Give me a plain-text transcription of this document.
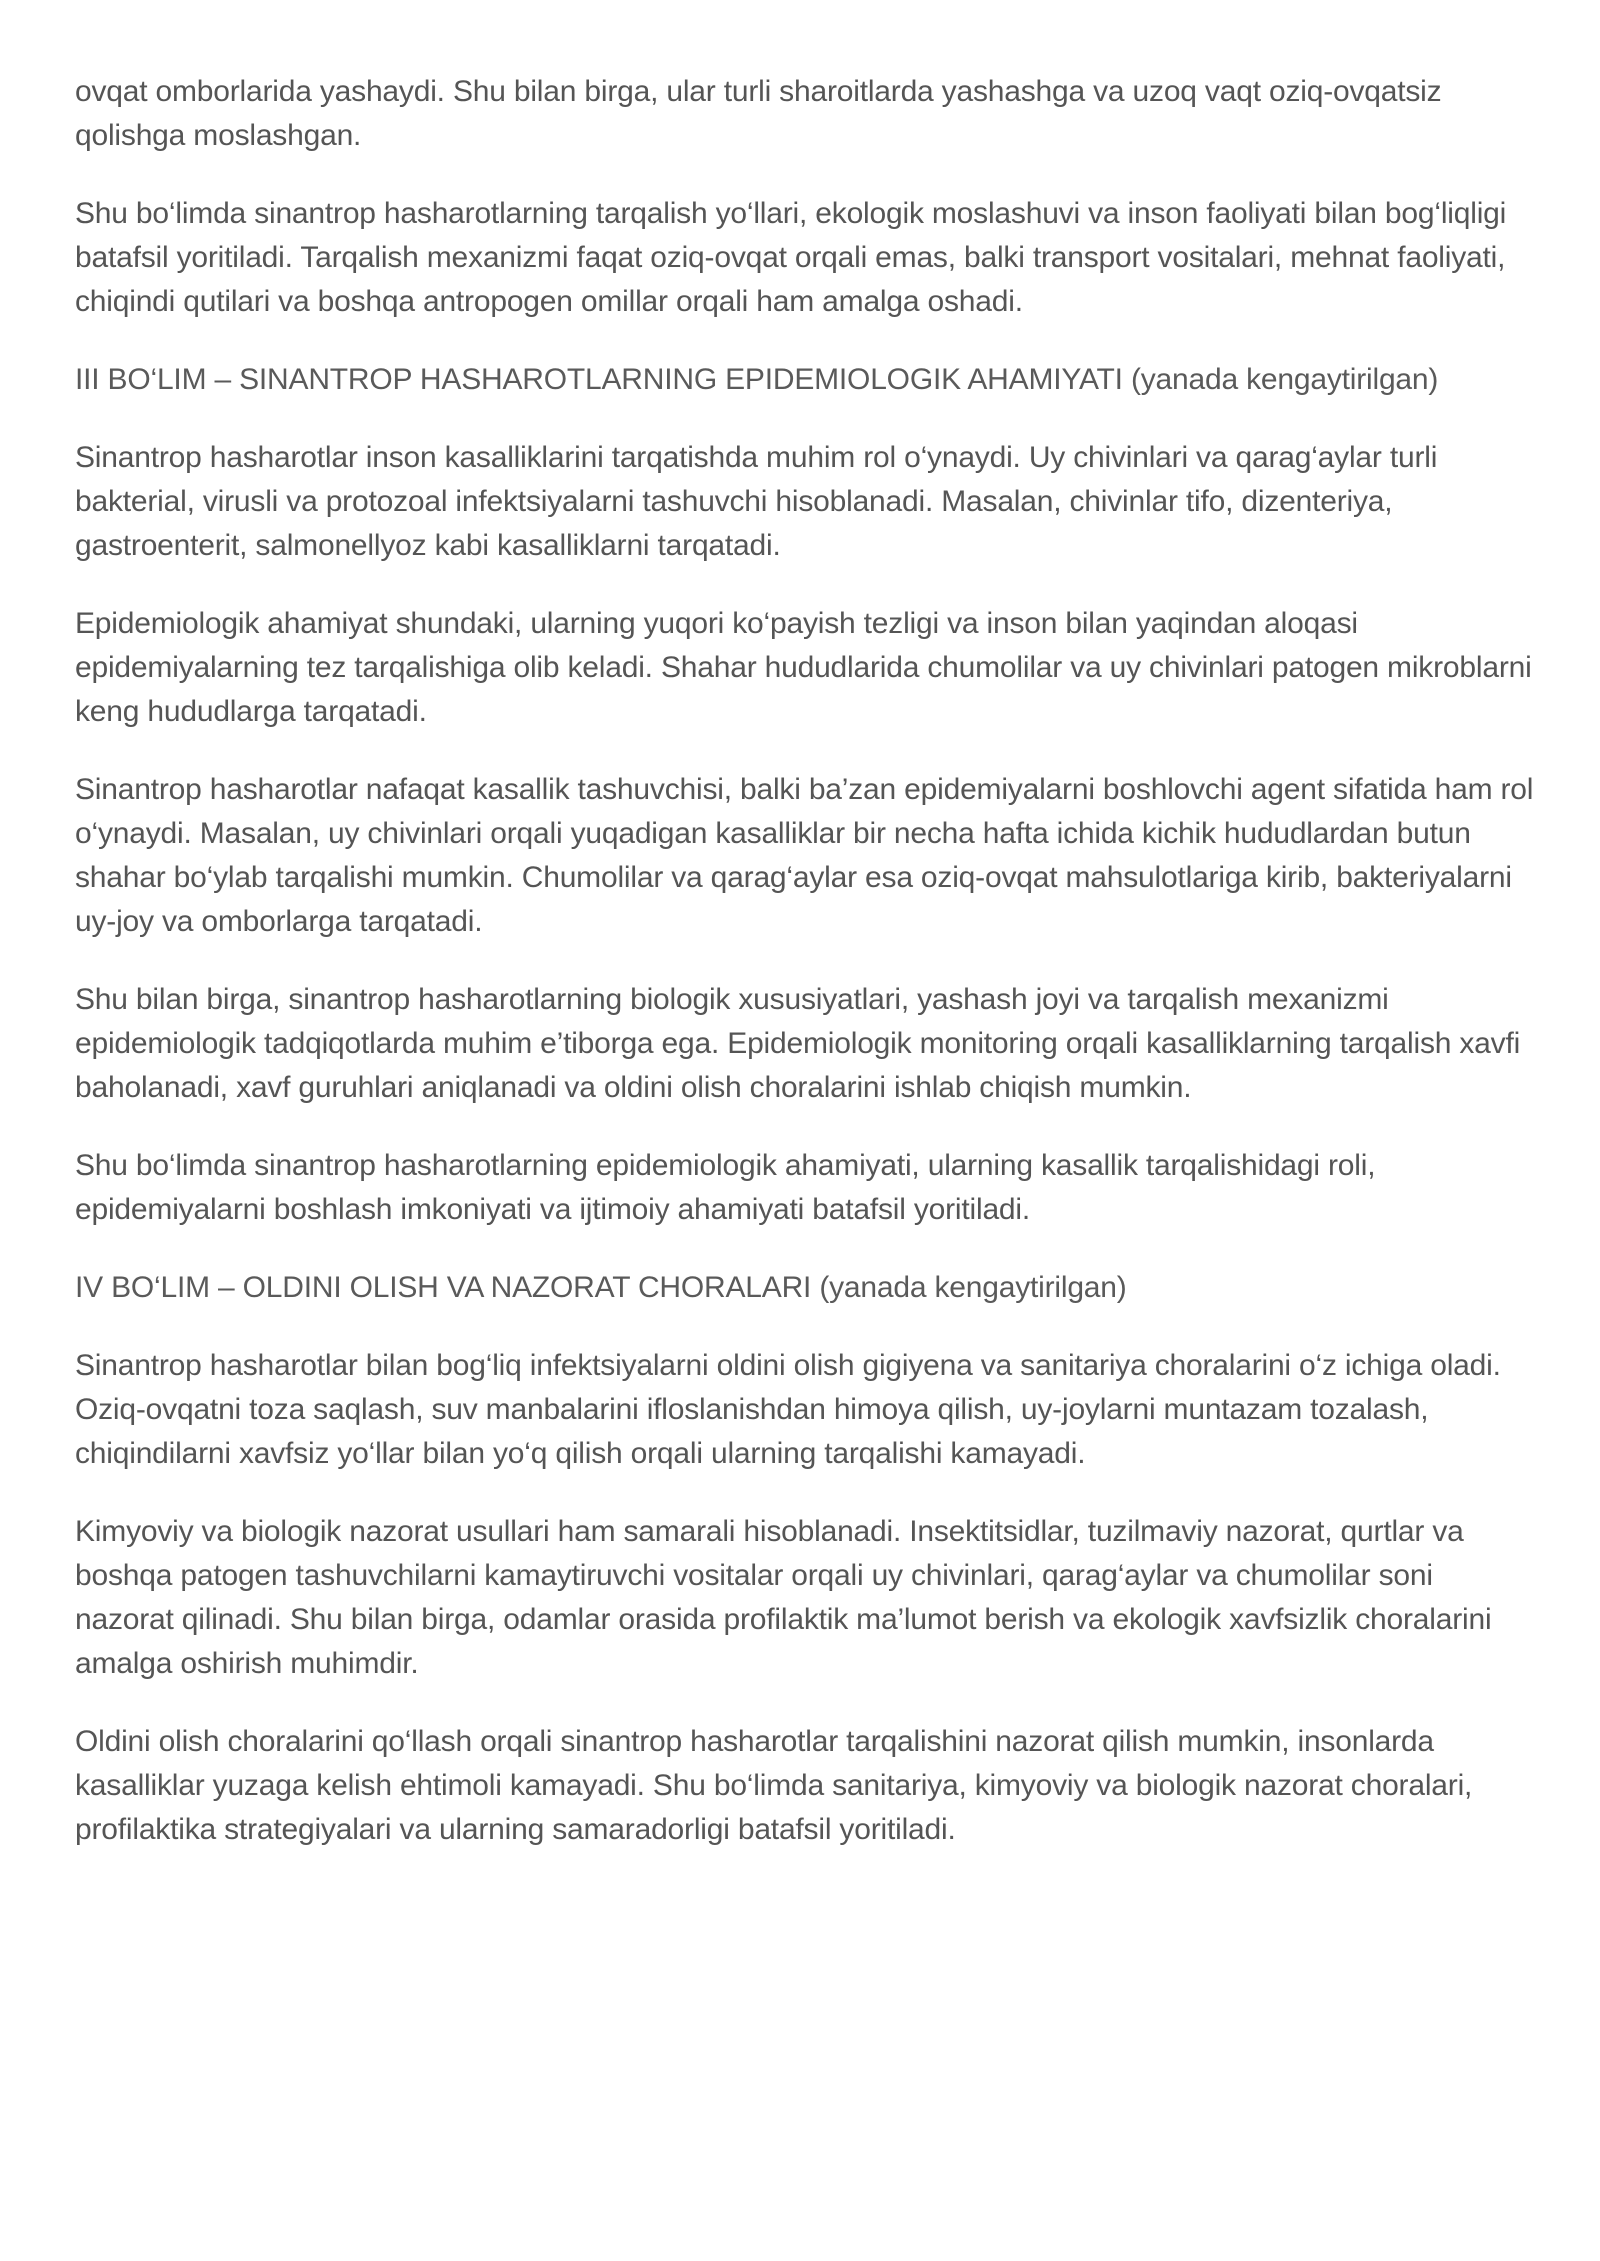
ovqat omborlarida yashaydi. Shu bilan birga, ular turli sharoitlarda yashashga va uzoq vaqt oziq-ovqatsiz qolishga moslashgan.

Shu bo‘limda sinantrop hasharotlarning tarqalish yo‘llari, ekologik moslashuvi va inson faoliyati bilan bog‘liqligi batafsil yoritiladi. Tarqalish mexanizmi faqat oziq-ovqat orqali emas, balki transport vositalari, mehnat faoliyati, chiqindi qutilari va boshqa antropogen omillar orqali ham amalga oshadi.

III BO‘LIM – SINANTROP HASHAROTLARNING EPIDEMIOLOGIK AHAMIYATI (yanada kengaytirilgan)

Sinantrop hasharotlar inson kasalliklarini tarqatishda muhim rol o‘ynaydi. Uy chivinlari va qarag‘aylar turli bakterial, virusli va protozoal infektsiyalarni tashuvchi hisoblanadi. Masalan, chivinlar tifo, dizenteriya, gastroenterit, salmonellyoz kabi kasalliklarni tarqatadi.

Epidemiologik ahamiyat shundaki, ularning yuqori ko‘payish tezligi va inson bilan yaqindan aloqasi epidemiyalarning tez tarqalishiga olib keladi. Shahar hududlarida chumolilar va uy chivinlari patogen mikroblarni keng hududlarga tarqatadi.

Sinantrop hasharotlar nafaqat kasallik tashuvchisi, balki ba’zan epidemiyalarni boshlovchi agent sifatida ham rol o‘ynaydi. Masalan, uy chivinlari orqali yuqadigan kasalliklar bir necha hafta ichida kichik hududlardan butun shahar bo‘ylab tarqalishi mumkin. Chumolilar va qarag‘aylar esa oziq-ovqat mahsulotlariga kirib, bakteriyalarni uy-joy va omborlarga tarqatadi.

Shu bilan birga, sinantrop hasharotlarning biologik xususiyatlari, yashash joyi va tarqalish mexanizmi epidemiologik tadqiqotlarda muhim e’tiborga ega. Epidemiologik monitoring orqali kasalliklarning tarqalish xavfi baholanadi, xavf guruhlari aniqlanadi va oldini olish choralarini ishlab chiqish mumkin.

Shu bo‘limda sinantrop hasharotlarning epidemiologik ahamiyati, ularning kasallik tarqalishidagi roli, epidemiyalarni boshlash imkoniyati va ijtimoiy ahamiyati batafsil yoritiladi.

IV BO‘LIM – OLDINI OLISH VA NAZORAT CHORALARI (yanada kengaytirilgan)

Sinantrop hasharotlar bilan bog‘liq infektsiyalarni oldini olish gigiyena va sanitariya choralarini o‘z ichiga oladi. Oziq-ovqatni toza saqlash, suv manbalarini ifloslanishdan himoya qilish, uy-joylarni muntazam tozalash, chiqindilarni xavfsiz yo‘llar bilan yo‘q qilish orqali ularning tarqalishi kamayadi.

Kimyoviy va biologik nazorat usullari ham samarali hisoblanadi. Insektitsidlar, tuzilmaviy nazorat, qurtlar va boshqa patogen tashuvchilarni kamaytiruvchi vositalar orqali uy chivinlari, qarag‘aylar va chumolilar soni nazorat qilinadi. Shu bilan birga, odamlar orasida profilaktik ma’lumot berish va ekologik xavfsizlik choralarini amalga oshirish muhimdir.

Oldini olish choralarini qo‘llash orqali sinantrop hasharotlar tarqalishini nazorat qilish mumkin, insonlarda kasalliklar yuzaga kelish ehtimoli kamayadi. Shu bo‘limda sanitariya, kimyoviy va biologik nazorat choralari, profilaktika strategiyalari va ularning samaradorligi batafsil yoritiladi.
